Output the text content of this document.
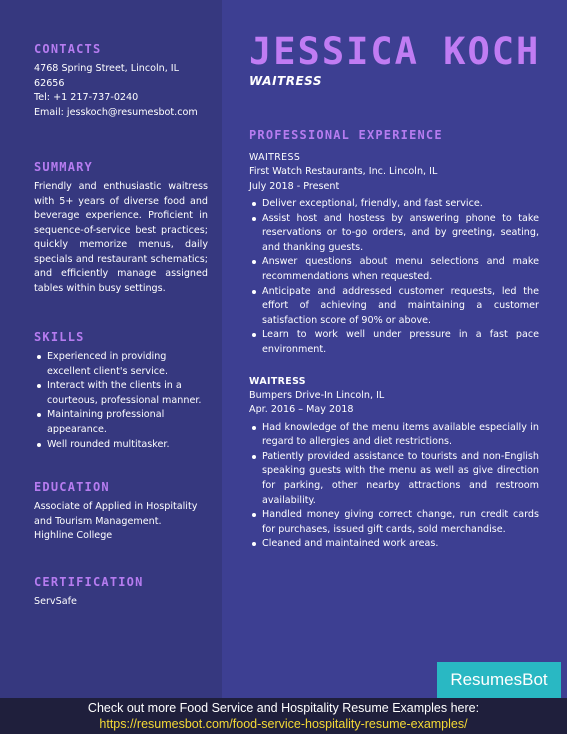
CONTACTS
4768 Spring Street, Lincoln, IL 62656
Tel: +1 217-737-0240
Email: jesskoch@resumesbot.com
SUMMARY
Friendly and enthusiastic waitress with 5+ years of diverse food and beverage experience. Proficient in sequence-of-service best practices; quickly memorize menus, daily specials and restaurant schematics; and efficiently manage assigned tables within busy settings.
SKILLS
Experienced in providing excellent client's service.
Interact with the clients in a courteous, professional manner.
Maintaining professional appearance.
Well rounded multitasker.
EDUCATION
Associate of Applied in Hospitality and Tourism Management.
Highline College
CERTIFICATION
ServSafe
JESSICA KOCH
WAITRESS
PROFESSIONAL EXPERIENCE
WAITRESS
First Watch Restaurants, Inc. Lincoln, IL
July 2018 - Present
Deliver exceptional, friendly, and fast service.
Assist host and hostess by answering phone to take reservations or to-go orders, and by greeting, seating, and thanking guests.
Answer questions about menu selections and make recommendations when requested.
Anticipate and addressed customer requests, led the effort of achieving and maintaining a customer satisfaction score of 90% or above.
Learn to work well under pressure in a fast pace environment.
WAITRESS
Bumpers Drive-In Lincoln, IL
Apr. 2016 – May 2018
Had knowledge of the menu items available especially in regard to allergies and diet restrictions.
Patiently provided assistance to tourists and non-English speaking guests with the menu as well as give direction for parking, other nearby attractions and restroom availability.
Handled money giving correct change, run credit cards for purchases, issued gift cards, sold merchandise.
Cleaned and maintained work areas.
ResumesBot
Check out more Food Service and Hospitality Resume Examples here:
https://resumesbot.com/food-service-hospitality-resume-examples/
